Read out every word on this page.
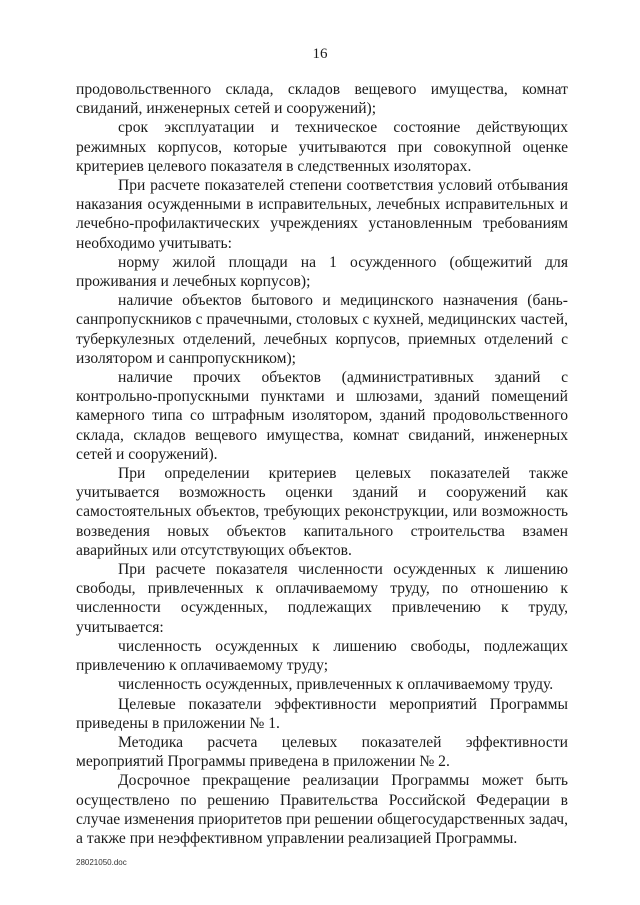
16

продовольственного склада, складов вещевого имущества, комнат свиданий, инженерных сетей и сооружений);

срок эксплуатации и техническое состояние действующих режимных корпусов, которые учитываются при совокупной оценке критериев целевого показателя в следственных изоляторах.

При расчете показателей степени соответствия условий отбывания наказания осужденными в исправительных, лечебных исправительных и лечебно-профилактических учреждениях установленным требованиям необходимо учитывать:

норму жилой площади на 1 осужденного (общежитий для проживания и лечебных корпусов);

наличие объектов бытового и медицинского назначения (бань-санпропускников с прачечными, столовых с кухней, медицинских частей, туберкулезных отделений, лечебных корпусов, приемных отделений с изолятором и санпропускником);

наличие прочих объектов (административных зданий с контрольно-пропускными пунктами и шлюзами, зданий помещений камерного типа со штрафным изолятором, зданий продовольственного склада, складов вещевого имущества, комнат свиданий, инженерных сетей и сооружений).

При определении критериев целевых показателей также учитывается возможность оценки зданий и сооружений как самостоятельных объектов, требующих реконструкции, или возможность возведения новых объектов капитального строительства взамен аварийных или отсутствующих объектов.

При расчете показателя численности осужденных к лишению свободы, привлеченных к оплачиваемому труду, по отношению к численности осужденных, подлежащих привлечению к труду, учитывается:

численность осужденных к лишению свободы, подлежащих привлечению к оплачиваемому труду;

численность осужденных, привлеченных к оплачиваемому труду.

Целевые показатели эффективности мероприятий Программы приведены в приложении № 1.

Методика расчета целевых показателей эффективности мероприятий Программы приведена в приложении № 2.

Досрочное прекращение реализации Программы может быть осуществлено по решению Правительства Российской Федерации в случае изменения приоритетов при решении общегосударственных задач, а также при неэффективном управлении реализацией Программы.

28021050.doc
